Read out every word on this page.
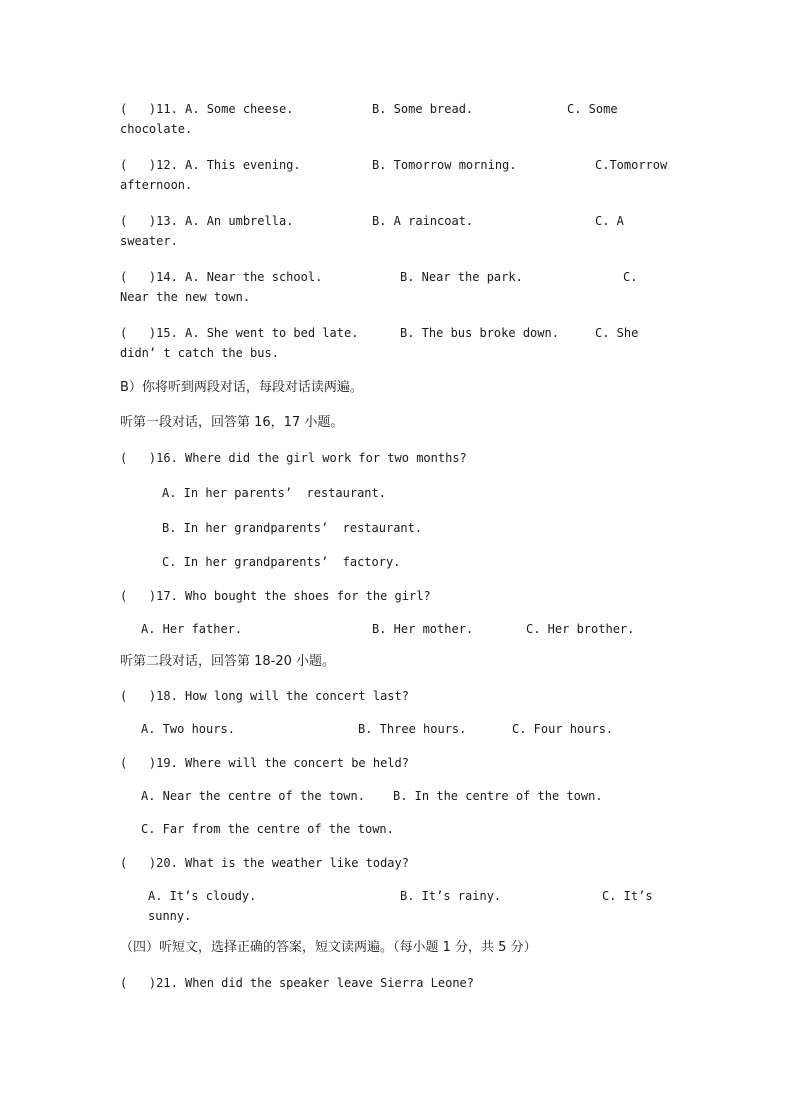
(   )11. A. Some cheese.	B. Some bread.	C. Some
chocolate.
(   )12. A. This evening.	B. Tomorrow morning.	C.Tomorrow
afternoon.
(   )13. A. An umbrella.	B. A raincoat.	C. A
sweater.
(   )14. A. Near the school.	B. Near the park.	C.
Near the new town.
(   )15. A. She went to bed late.	B. The bus broke down.	C. She
didn’ t catch the bus.
B）你将听到两段对话，每段对话读两遍。
听第一段对话，回答第 16，17 小题。
(   )16. Where did the girl work for two months?
A. In her parents’  restaurant.
B. In her grandparents’  restaurant.
C. In her grandparents’  factory.
(   )17. Who bought the shoes for the girl?
A. Her father.	B. Her mother.	C. Her brother.
听第二段对话，回答第 18-20 小题。
(   )18. How long will the concert last?
A. Two hours.	B. Three hours.	C. Four hours.
(   )19. Where will the concert be held?
A. Near the centre of the town. B. In the centre of the town.
C. Far from the centre of the town.
(   )20. What is the weather like today?
A. It’s cloudy.	B. It’s rainy.	C. It’s
sunny.
（四）听短文，选择正确的答案，短文读两遍。（每小题 1 分，共 5 分）
(   )21. When did the speaker leave Sierra Leone?
